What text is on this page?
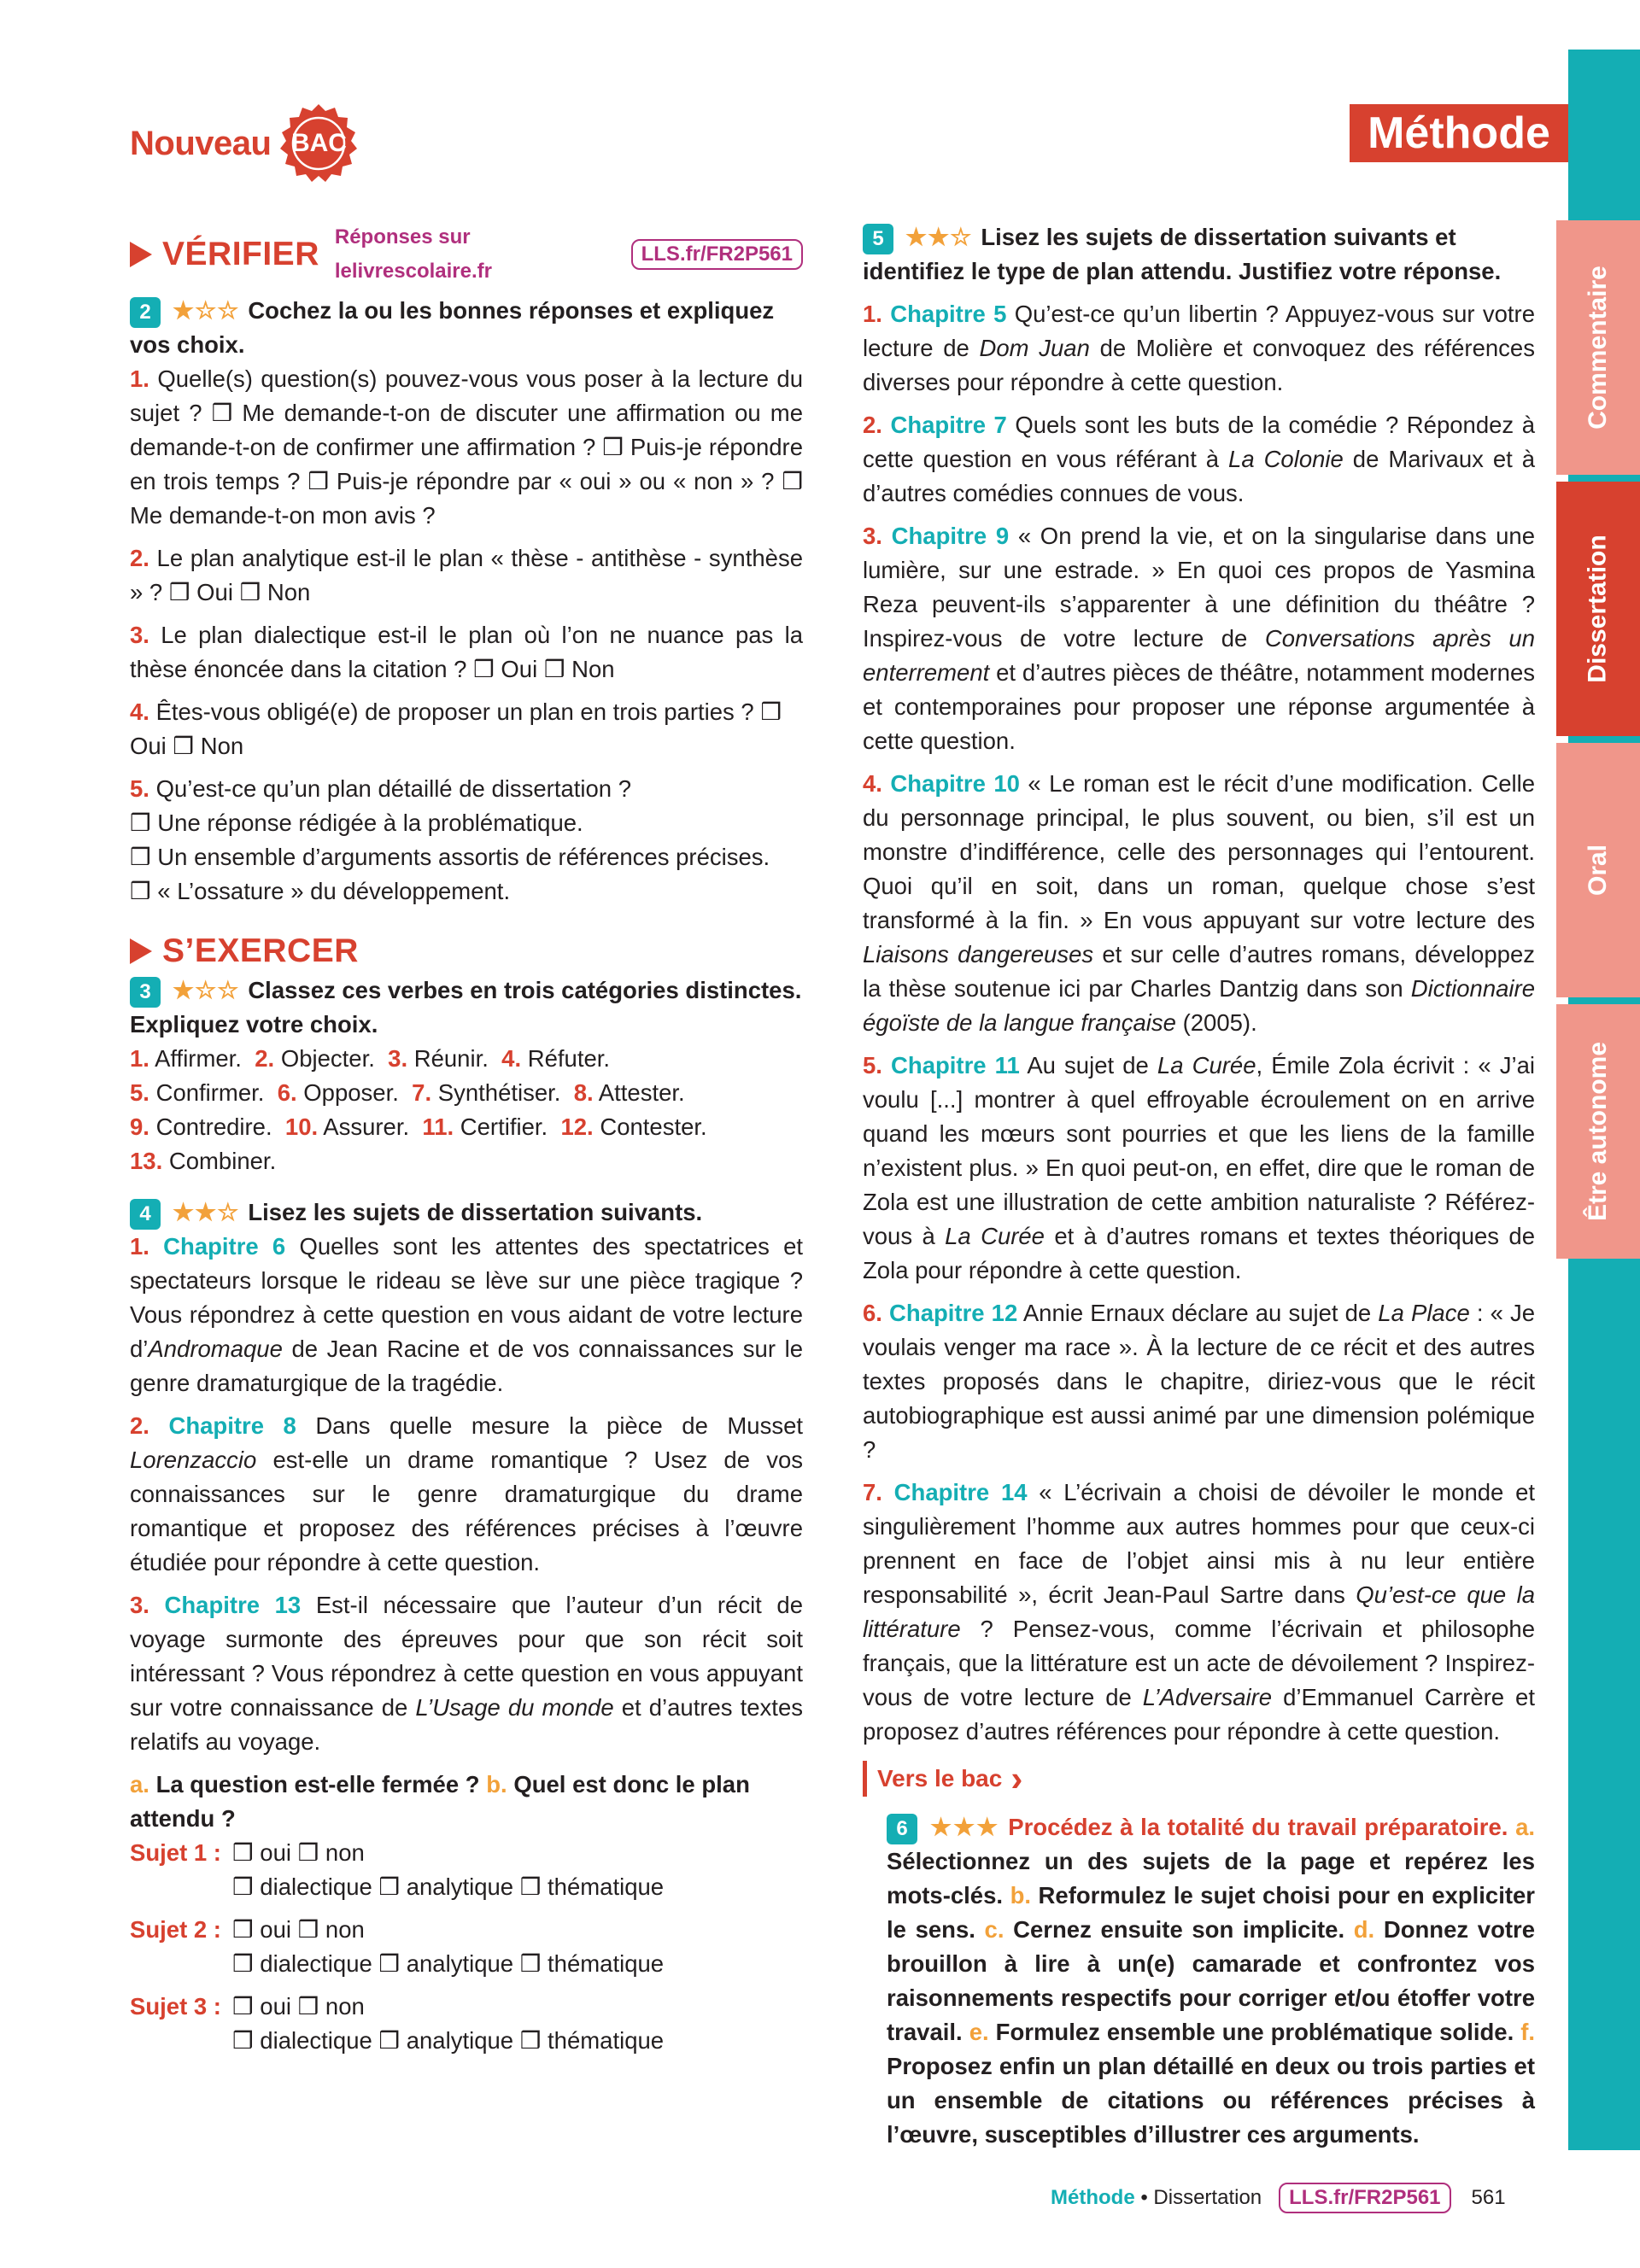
Nouveau BAC	Méthode
Commentaire
Dissertation
Oral
Être autonome
VÉRIFIER Réponses sur lelivrescolaire.fr
LLS.fr/FR2P561

2 ★☆☆ Cochez la ou les bonnes réponses et expliquez vos choix.

1. Quelle(s) question(s) pouvez-vous vous poser à la lecture du sujet ? ❒ Me demande-t-on de discuter une affirmation ou me demande-t-on de confirmer une affirmation ? ❒ Puis-je répondre en trois temps ? ❒ Puis-je répondre par « oui » ou « non » ? ❒ Me demande-t-on mon avis ?

2. Le plan analytique est-il le plan « thèse - antithèse - synthèse » ? ❒ Oui ❒ Non

3. Le plan dialectique est-il le plan où l’on ne nuance pas la thèse énoncée dans la citation ? ❒ Oui ❒ Non

4. Êtes-vous obligé(e) de proposer un plan en trois parties ? ❒ Oui ❒ Non

5. Qu’est-ce qu’un plan détaillé de dissertation ?

❒ Une réponse rédigée à la problématique.

❒ Un ensemble d’arguments assortis de références précises.

❒ « L’ossature » du développement.

S’EXERCER

3 ★☆☆ Classez ces verbes en trois catégories distinctes. Expliquez votre choix.

1. Affirmer. 2. Objecter. 3. Réunir. 4. Réfuter.

5. Confirmer. 6. Opposer. 7. Synthétiser. 8. Attester.

9. Contredire. 10. Assurer. 11. Certifier. 12. Contester.

13. Combiner.

4 ★★☆ Lisez les sujets de dissertation suivants.

1. Chapitre 6 Quelles sont les attentes des spectatrices et spectateurs lorsque le rideau se lève sur une pièce tragique ? Vous répondrez à cette question en vous aidant de votre lecture d’Andromaque de Jean Racine et de vos connaissances sur le genre dramaturgique de la tragédie.

2. Chapitre 8 Dans quelle mesure la pièce de Musset Lorenzaccio est-elle un drame romantique ? Usez de vos connaissances sur le genre dramaturgique du drame romantique et proposez des références précises à l’œuvre étudiée pour répondre à cette question.

3. Chapitre 13 Est-il nécessaire que l’auteur d’un récit de voyage surmonte des épreuves pour que son récit soit intéressant ? Vous répondrez à cette question en vous appuyant sur votre connaissance de L’Usage du monde et d’autres textes relatifs au voyage.

a. La question est-elle fermée ? b. Quel est donc le plan attendu ?

Sujet 1 : ❒ oui ❒ non

❒ dialectique ❒ analytique ❒ thématique

Sujet 2 : ❒ oui ❒ non

❒ dialectique ❒ analytique ❒ thématique

Sujet 3 : ❒ oui ❒ non

❒ dialectique ❒ analytique ❒ thématique

5 ★★☆ Lisez les sujets de dissertation suivants et identifiez le type de plan attendu. Justifiez votre réponse.

1. Chapitre 5 Qu’est-ce qu’un libertin ? Appuyez-vous sur votre lecture de Dom Juan de Molière et convoquez des références diverses pour répondre à cette question.

2. Chapitre 7 Quels sont les buts de la comédie ? Répondez à cette question en vous référant à La Colonie de Marivaux et à d’autres comédies connues de vous.

3. Chapitre 9 « On prend la vie, et on la singularise dans une lumière, sur une estrade. » En quoi ces propos de Yasmina Reza peuvent-ils s’apparenter à une définition du théâtre ? Inspirez-vous de votre lecture de Conversations après un enterrement et d’autres pièces de théâtre, notamment modernes et contemporaines pour proposer une réponse argumentée à cette question.

4. Chapitre 10 « Le roman est le récit d’une modification. Celle du personnage principal, le plus souvent, ou bien, s’il est un monstre d’indifférence, celle des personnages qui l’entourent. Quoi qu’il en soit, dans un roman, quelque chose s’est transformé à la fin. » En vous appuyant sur votre lecture des Liaisons dangereuses et sur celle d’autres romans, développez la thèse soutenue ici par Charles Dantzig dans son Dictionnaire égoïste de la langue française (2005).

5. Chapitre 11 Au sujet de La Curée, Émile Zola écrivit : « J’ai voulu [...] montrer à quel effroyable écroulement on en arrive quand les mœurs sont pourries et que les liens de la famille n’existent plus. » En quoi peut-on, en effet, dire que le roman de Zola est une illustration de cette ambition naturaliste ? Référez-vous à La Curée et à d’autres romans et textes théoriques de Zola pour répondre à cette question.

6. Chapitre 12 Annie Ernaux déclare au sujet de La Place : « Je voulais venger ma race ». À la lecture de ce récit et des autres textes proposés dans le chapitre, diriez-vous que le récit autobiographique est aussi animé par une dimension polémique ?

7. Chapitre 14 « L’écrivain a choisi de dévoiler le monde et singulièrement l’homme aux autres hommes pour que ceux-ci prennent en face de l’objet ainsi mis à nu leur entière responsabilité », écrit Jean-Paul Sartre dans Qu’est-ce que la littérature ? Pensez-vous, comme l’écrivain et philosophe français, que la littérature est un acte de dévoilement ? Inspirez-vous de votre lecture de L’Adversaire d’Emmanuel Carrère et proposez d’autres références pour répondre à cette question.

Vers le bac ›

6 ★★★ Procédez à la totalité du travail préparatoire. a. Sélectionnez un des sujets de la page et repérez les mots-clés. b. Reformulez le sujet choisi pour en expliciter le sens. c. Cernez ensuite son implicite. d. Donnez votre brouillon à lire à un(e) camarade et confrontez vos raisonnements respectifs pour corriger et/ou étoffer votre travail. e. Formulez ensemble une problématique solide. f. Proposez enfin un plan détaillé en deux ou trois parties et un ensemble de citations ou références précises à l’œuvre, susceptibles d’illustrer ces arguments.

Méthode • Dissertation	LLS.fr/FR2P561	561
